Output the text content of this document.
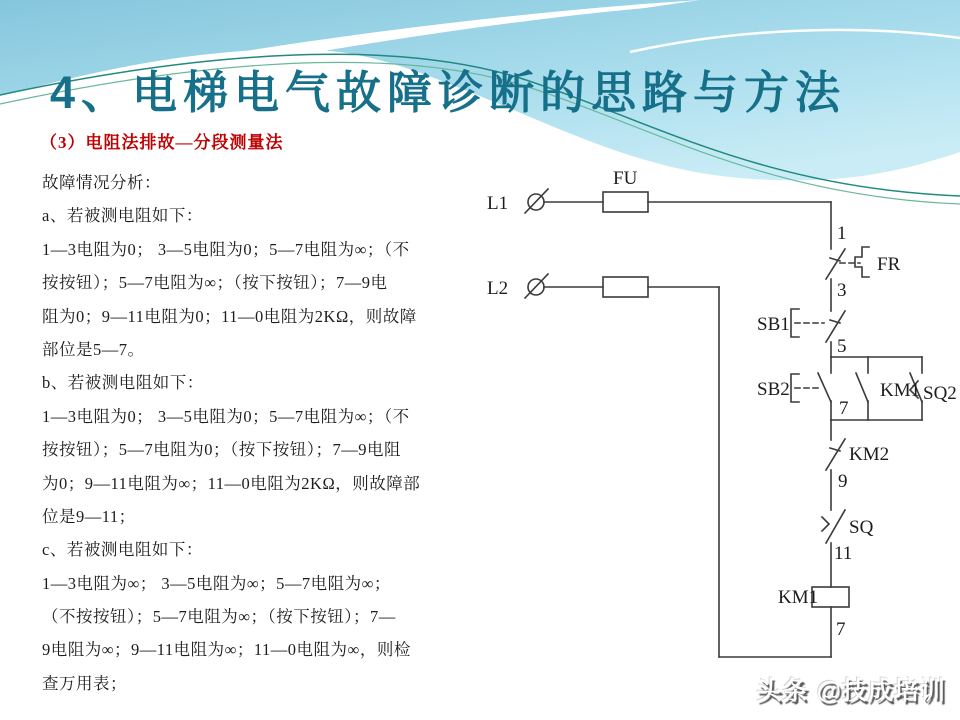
4、电梯电气故障诊断的思路与方法
（3）电阻法排故—分段测量法
故障情况分析：
a、若被测电阻如下：
1—3电阻为0； 3—5电阻为0；5—7电阻为∞；（不
按按钮）；5—7电阻为∞；（按下按钮）；7—9电
阻为0；9—11电阻为0；11—0电阻为2KΩ，则故障
部位是5—7。
b、若被测电阻如下：
1—3电阻为0； 3—5电阻为0；5—7电阻为∞；（不
按按钮）；5—7电阻为0；（按下按钮）；7—9电阻
为0；9—11电阻为∞；11—0电阻为2KΩ，则故障部
位是9—11；
c、若被测电阻如下：
1—3电阻为∞； 3—5电阻为∞；5—7电阻为∞；
（不按按钮）；5—7电阻为∞；（按下按钮）；7—
9电阻为∞；9—11电阻为∞；11—0电阻为∞，则检
查万用表；
L1
FU
L2
1
FR
3
SB1
5
SB2	KM1 SQ2
7
KM2
9
SQ
11
KM1
7
头条 @技成培训
